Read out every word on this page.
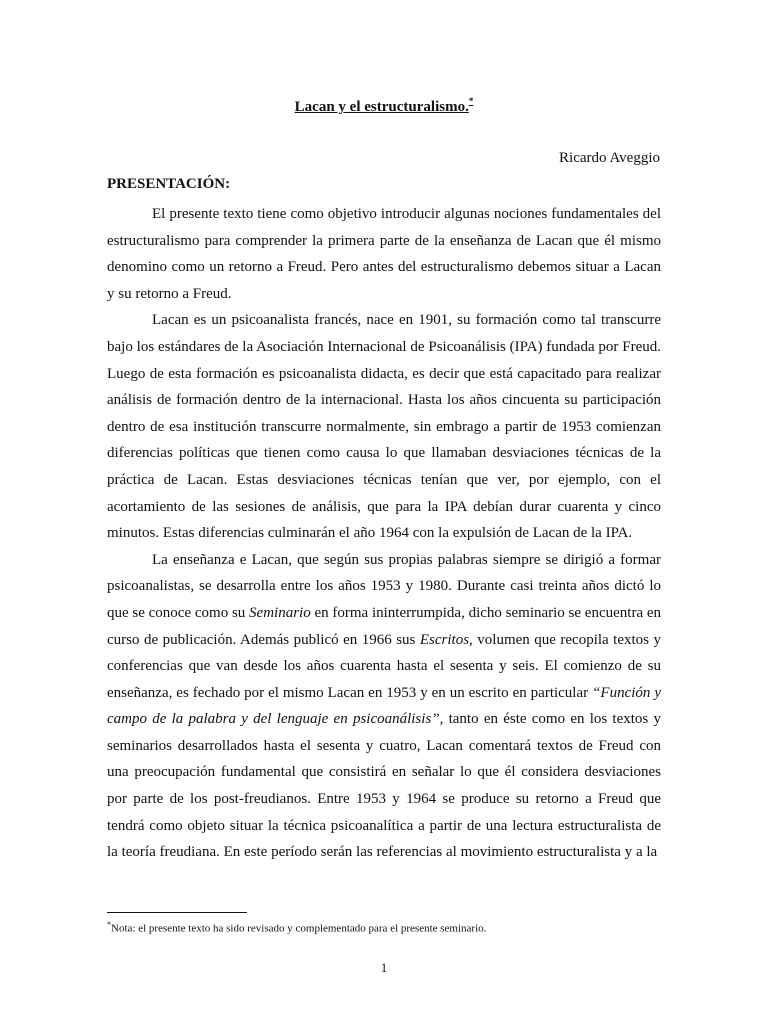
Lacan y el estructuralismo.*
Ricardo Aveggio
PRESENTACIÓN:

El presente texto tiene como objetivo introducir algunas nociones fundamentales del estructuralismo para comprender la primera parte de la enseñanza de Lacan que él mismo denomino como un retorno a Freud. Pero antes del estructuralismo debemos situar a Lacan y su retorno a Freud.

Lacan es un psicoanalista francés, nace en 1901, su formación como tal transcurre bajo los estándares de la Asociación Internacional de Psicoanálisis (IPA) fundada por Freud. Luego de esta formación es psicoanalista didacta, es decir que está capacitado para realizar análisis de formación dentro de la internacional. Hasta los años cincuenta su participación dentro de esa institución transcurre normalmente, sin embrago a partir de 1953 comienzan diferencias políticas que tienen como causa lo que llamaban desviaciones técnicas de la práctica de Lacan. Estas desviaciones técnicas tenían que ver, por ejemplo, con el acortamiento de las sesiones de análisis, que para la IPA debían durar cuarenta y cinco minutos. Estas diferencias culminarán el año 1964 con la expulsión de Lacan de la IPA.

La enseñanza e Lacan, que según sus propias palabras siempre se dirigió a formar psicoanalistas, se desarrolla entre los años 1953 y 1980. Durante casi treinta años dictó lo que se conoce como su Seminario en forma ininterrumpida, dicho seminario se encuentra en curso de publicación. Además publicó en 1966 sus Escritos, volumen que recopila textos y conferencias que van desde los años cuarenta hasta el sesenta y seis. El comienzo de su enseñanza, es fechado por el mismo Lacan en 1953 y en un escrito en particular “Función y campo de la palabra y del lenguaje en psicoanálisis”, tanto en éste como en los textos y seminarios desarrollados hasta el sesenta y cuatro, Lacan comentará textos de Freud con una preocupación fundamental que consistirá en señalar lo que él considera desviaciones por parte de los post-freudianos. Entre 1953 y 1964 se produce su retorno a Freud que tendrá como objeto situar la técnica psicoanalítica a partir de una lectura estructuralista de la teoría freudiana. En este período serán las referencias al movimiento estructuralista y a la

*Nota: el presente texto ha sido revisado y complementado para el presente seminario.
1
